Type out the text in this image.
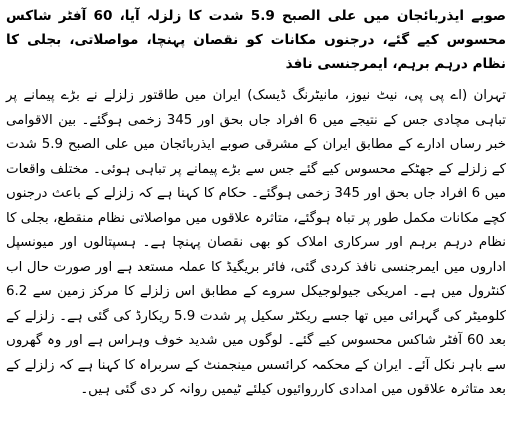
صوبے ایذربائجان میں علی الصبح 5.9 شدت کا زلزلہ آیا، 60 آفٹر شاکس محسوس کیے گئے، درجنوں مکانات کو نقصان پہنچا، مواصلاتی، بجلی کا نظام درہم برہم، ایمرجنسی نافذ

تہران (اے پی پی، نیٹ نیوز، مانیٹرنگ ڈیسک) ایران میں طاقتور زلزلے نے بڑے پیمانے پر تباہی مچادی جس کے نتیجے میں 6 افراد جاں بحق اور 345 زخمی ہوگئے۔ بین الاقوامی خبر رساں ادارے کے مطابق ایران کے مشرقی صوبے ایذربائجان میں علی الصبح 5.9 شدت کے زلزلے کے جھٹکے محسوس کیے گئے جس سے بڑے پیمانے پر تباہی ہوئی۔ مختلف واقعات میں 6 افراد جاں بحق اور 345 زخمی ہوگئے۔ حکام کا کہنا ہے کہ زلزلے کے باعث درجنوں کچے مکانات مکمل طور پر تباہ ہوگئے، متاثرہ علاقوں میں مواصلاتی نظام منقطع، بجلی کا نظام درہم برہم اور سرکاری املاک کو بھی نقصان پہنچا ہے۔ ہسپتالوں اور میونسپل اداروں میں ایمرجنسی نافذ کردی گئی، فائر بریگیڈ کا عملہ مستعد ہے اور صورت حال اب کنٹرول میں ہے۔ امریکی جیولوجیکل سروے کے مطابق اس زلزلے کا مرکز زمین سے 6.2 کلومیٹر کی گہرائی میں تھا جسے ریکٹر سکیل پر شدت 5.9 ریکارڈ کی گئی ہے۔ زلزلے کے بعد 60 آفٹر شاکس محسوس کیے گئے۔ لوگوں میں شدید خوف وہراس ہے اور وہ گھروں سے باہر نکل آئے۔ ایران کے محکمہ کرائسس مینجمنٹ کے سربراہ کا کہنا ہے کہ زلزلے کے بعد متاثرہ علاقوں میں امدادی کارروائیوں کیلئے ٹیمیں روانہ کر دی گئی ہیں۔
